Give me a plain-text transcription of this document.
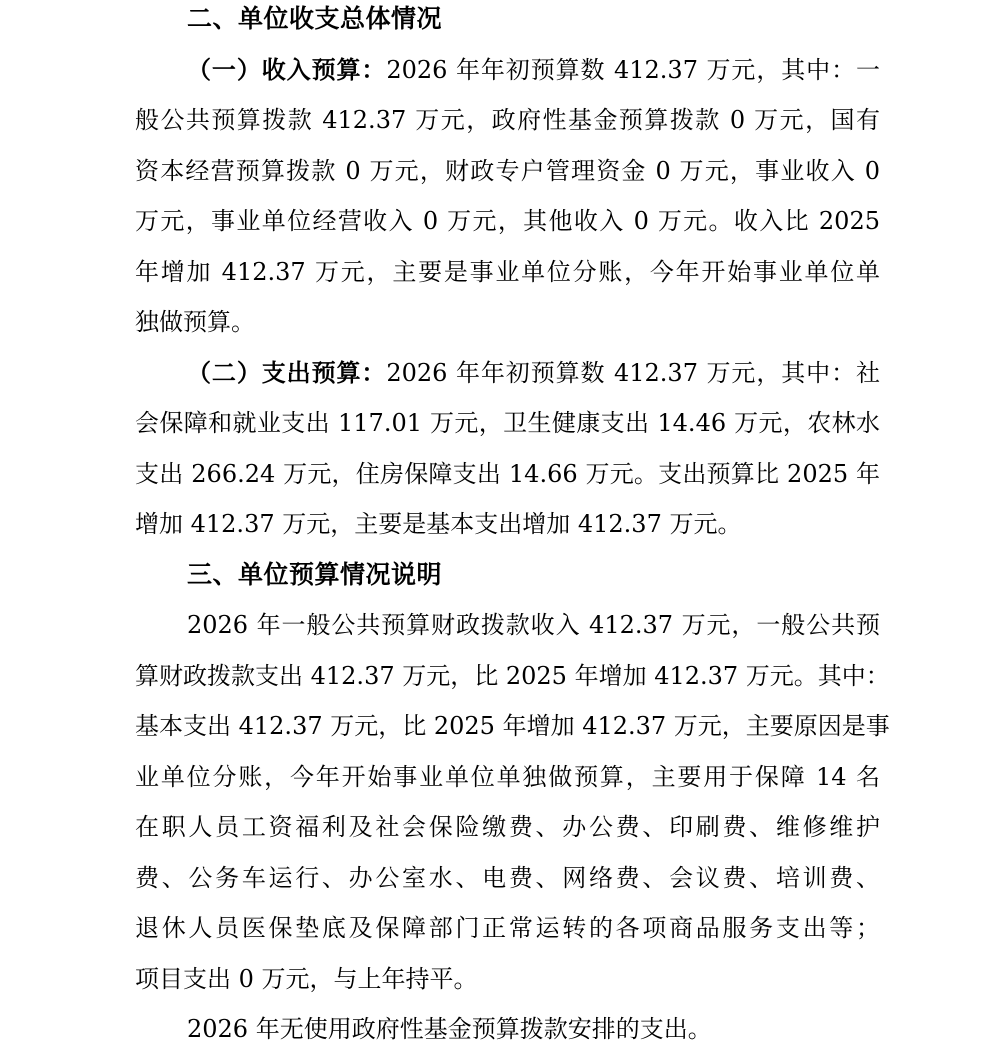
二、单位收支总体情况
（一）收入预算：2026 年年初预算数 412.37 万元，其中：一
般公共预算拨款 412.37 万元，政府性基金预算拨款 0 万元，国有
资本经营预算拨款 0 万元，财政专户管理资金 0 万元，事业收入 0
万元，事业单位经营收入 0 万元，其他收入 0 万元。收入比 2025
年增加 412.37 万元，主要是事业单位分账，今年开始事业单位单
独做预算。
（二）支出预算：2026 年年初预算数 412.37 万元，其中：社
会保障和就业支出 117.01 万元，卫生健康支出 14.46 万元，农林水
支出 266.24 万元，住房保障支出 14.66 万元。支出预算比 2025 年
增加 412.37 万元，主要是基本支出增加 412.37 万元。
三、单位预算情况说明
2026 年一般公共预算财政拨款收入 412.37 万元，一般公共预
算财政拨款支出 412.37 万元，比 2025 年增加 412.37 万元。其中：
基本支出 412.37 万元，比 2025 年增加 412.37 万元，主要原因是事
业单位分账，今年开始事业单位单独做预算，主要用于保障 14 名
在职人员工资福利及社会保险缴费、办公费、印刷费、维修维护
费、公务车运行、办公室水、电费、网络费、会议费、培训费、
退休人员医保垫底及保障部门正常运转的各项商品服务支出等；
项目支出 0 万元，与上年持平。
2026 年无使用政府性基金预算拨款安排的支出。
